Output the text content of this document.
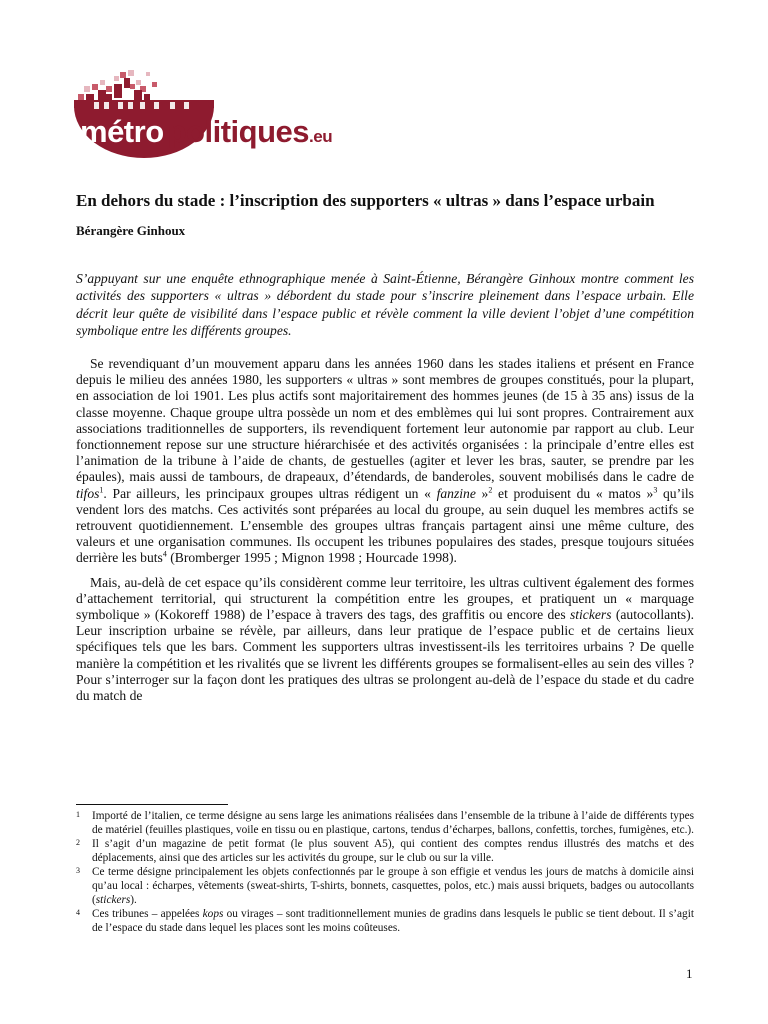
métro politiques.eu
En dehors du stade : l’inscription des supporters « ultras » dans l’espace urbain
Bérangère Ginhoux

S’appuyant sur une enquête ethnographique menée à Saint-Étienne, Bérangère Ginhoux montre comment les activités des supporters « ultras » débordent du stade pour s’inscrire pleinement dans l’espace urbain. Elle décrit leur quête de visibilité dans l’espace public et révèle comment la ville devient l’objet d’une compétition symbolique entre les différents groupes.

Se revendiquant d’un mouvement apparu dans les années 1960 dans les stades italiens et présent en France depuis le milieu des années 1980, les supporters « ultras » sont membres de groupes constitués, pour la plupart, en association de loi 1901. Les plus actifs sont majoritairement des hommes jeunes (de 15 à 35 ans) issus de la classe moyenne. Chaque groupe ultra possède un nom et des emblèmes qui lui sont propres. Contrairement aux associations traditionnelles de supporters, ils revendiquent fortement leur autonomie par rapport au club. Leur fonctionnement repose sur une structure hiérarchisée et des activités organisées : la principale d’entre elles est l’animation de la tribune à l’aide de chants, de gestuelles (agiter et lever les bras, sauter, se prendre par les épaules), mais aussi de tambours, de drapeaux, d’étendards, de banderoles, souvent mobilisés dans le cadre de tifos$^1$. Par ailleurs, les principaux groupes ultras rédigent un « fanzine »$^2$ et produisent du « matos »$^3$ qu’ils vendent lors des matchs. Ces activités sont préparées au local du groupe, au sein duquel les membres actifs se retrouvent quotidiennement. L’ensemble des groupes ultras français partagent ainsi une même culture, des valeurs et une organisation communes. Ils occupent les tribunes populaires des stades, presque toujours situées derrière les buts$^4$ (Bromberger 1995 ; Mignon 1998 ; Hourcade 1998).

Mais, au-delà de cet espace qu’ils considèrent comme leur territoire, les ultras cultivent également des formes d’attachement territorial, qui structurent la compétition entre les groupes, et pratiquent un « marquage symbolique » (Kokoreff 1988) de l’espace à travers des tags, des graffitis ou encore des stickers (autocollants). Leur inscription urbaine se révèle, par ailleurs, dans leur pratique de l’espace public et de certains lieux spécifiques tels que les bars. Comment les supporters ultras investissent-ils les territoires urbains ? De quelle manière la compétition et les rivalités que se livrent les différents groupes se formalisent-elles au sein des villes ? Pour s’interroger sur la façon dont les pratiques des ultras se prolongent au-delà de l’espace du stade et du cadre du match de

1 Importé de l’italien, ce terme désigne au sens large les animations réalisées dans l’ensemble de la tribune à l’aide de différents types de matériel (feuilles plastiques, voile en tissu ou en plastique, cartons, tendus d’écharpes, ballons, confettis, torches, fumigènes, etc.).
2 Il s’agit d’un magazine de petit format (le plus souvent A5), qui contient des comptes rendus illustrés des matchs et des déplacements, ainsi que des articles sur les activités du groupe, sur le club ou sur la ville.
3 Ce terme désigne principalement les objets confectionnés par le groupe à son effigie et vendus les jours de matchs à domicile ainsi qu’au local : écharpes, vêtements (sweat-shirts, T-shirts, bonnets, casquettes, polos, etc.) mais aussi briquets, badges ou autocollants (stickers).
4 Ces tribunes – appelées kops ou virages – sont traditionnellement munies de gradins dans lesquels le public se tient debout. Il s’agit de l’espace du stade dans lequel les places sont les moins coûteuses.
1
